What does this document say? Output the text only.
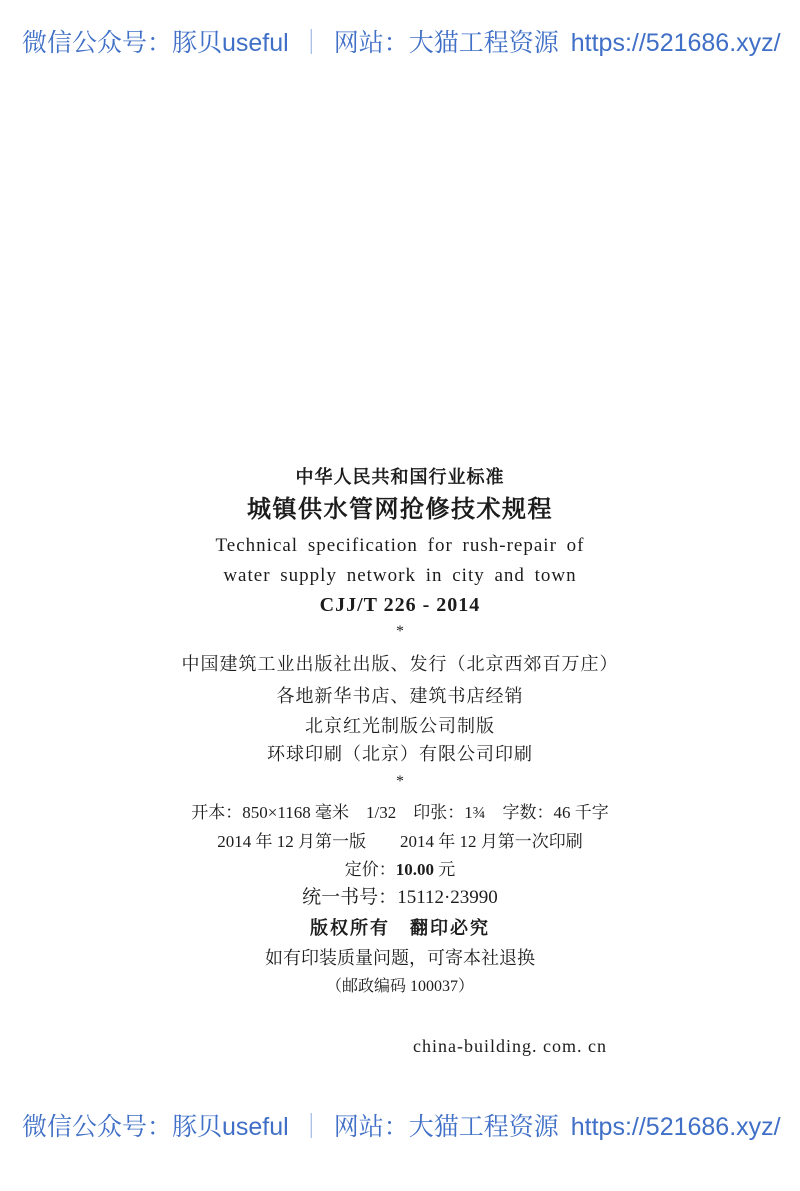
微信公众号：豚贝useful ｜ 网站：大猫工程资源 https://521686.xyz/
中华人民共和国行业标准
城镇供水管网抢修技术规程
Technical specification for rush-repair of
water supply network in city and town
CJJ/T 226 - 2014
*
中国建筑工业出版社出版、发行（北京西郊百万庄）
各地新华书店、建筑书店经销
北京红光制版公司制版
环球印刷（北京）有限公司印刷
*
开本：850×1168 毫米　1/32　印张：1¾　字数：46 千字
2014 年 12 月第一版　　2014 年 12 月第一次印刷
定价：10.00 元
统一书号：15112·23990
版权所有　翻印必究
如有印装质量问题，可寄本社退换
（邮政编码 100037）
china-building. com. cn
微信公众号：豚贝useful ｜ 网站：大猫工程资源 https://521686.xyz/
